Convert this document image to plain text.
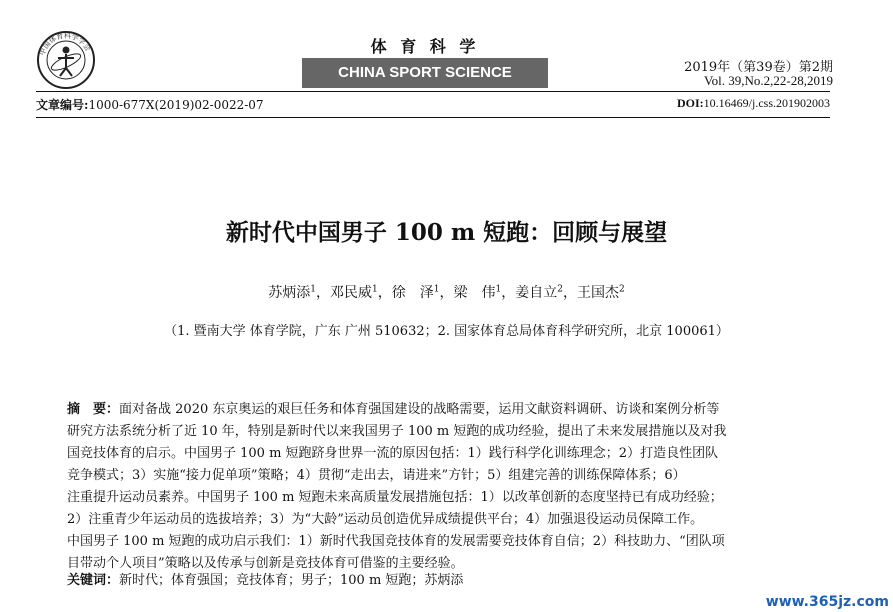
中国体育科学学会	体 育 科 学
CHINA SPORT SCIENCE	2019年（第39卷）第2期
Vol. 39,No.2,22-28,2019
文章编号:1000-677X(2019)02-0022-07	DOI:10.16469/j.css.201902003
新时代中国男子 100 m 短跑：回顾与展望
苏炳添$^1$，邓民威$^1$，徐　泽$^1$，梁　伟$^1$，姜自立$^2$，王国杰$^2$
（1. 暨南大学 体育学院，广东 广州 510632；2. 国家体育总局体育科学研究所，北京 100061）
摘　要：面对备战 2020 东京奥运的艰巨任务和体育强国建设的战略需要，运用文献资料调研、访谈和案例分析等
研究方法系统分析了近 10 年，特别是新时代以来我国男子 100 m 短跑的成功经验，提出了未来发展措施以及对我
国竞技体育的启示。中国男子 100 m 短跑跻身世界一流的原因包括：1）践行科学化训练理念；2）打造良性团队
竞争模式；3）实施“接力促单项”策略；4）贯彻“走出去，请进来”方针；5）组建完善的训练保障体系；6）
注重提升运动员素养。中国男子 100 m 短跑未来高质量发展措施包括：1）以改革创新的态度坚持已有成功经验；
2）注重青少年运动员的选拔培养；3）为“大龄”运动员创造优异成绩提供平台；4）加强退役运动员保障工作。
中国男子 100 m 短跑的成功启示我们：1）新时代我国竞技体育的发展需要竞技体育自信；2）科技助力、“团队项
目带动个人项目”策略以及传承与创新是竞技体育可借鉴的主要经验。
关键词：新时代；体育强国；竞技体育；男子；100 m 短跑；苏炳添
www.365jz.com
